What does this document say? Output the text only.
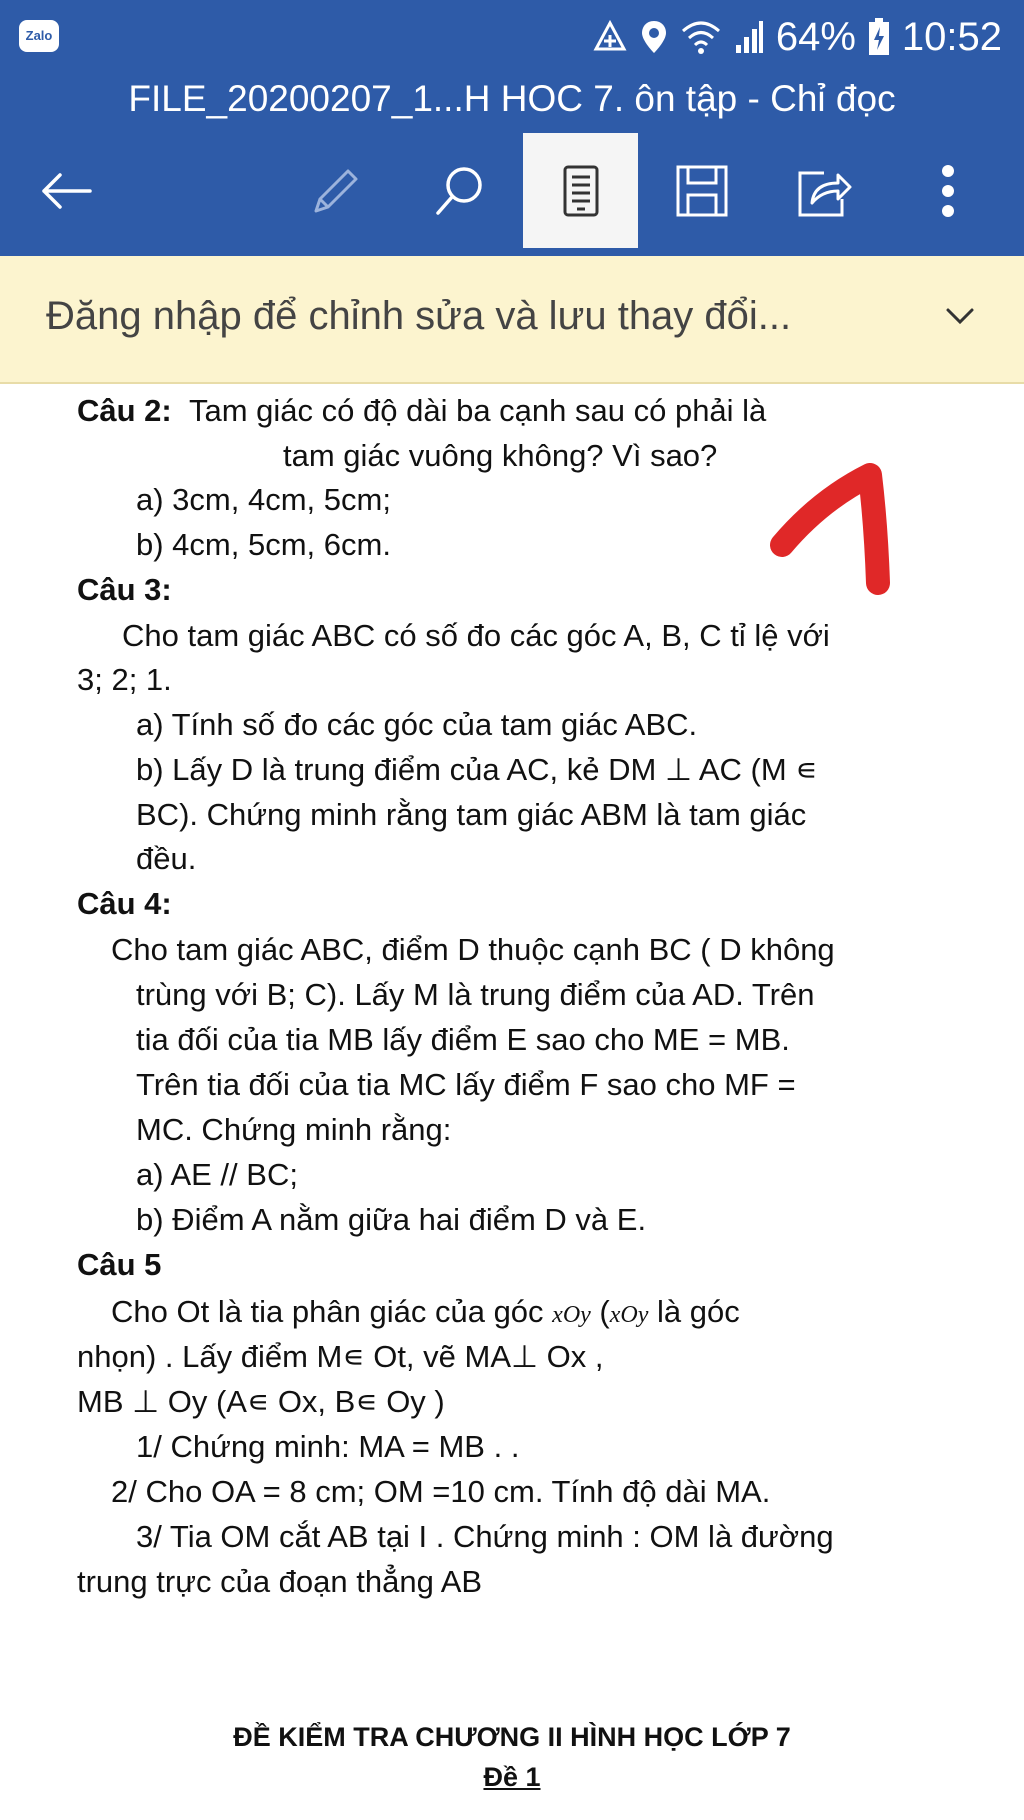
Zalo	64% 10:52
FILE_20200207_1...H HOC 7. ôn tập - Chỉ đọc
Đăng nhập để chỉnh sửa và lưu thay đổi...
Câu 2: Tam giác có độ dài ba cạnh sau có phải là
tam giác vuông không? Vì sao?
a) 3cm, 4cm, 5cm;
b) 4cm, 5cm, 6cm.
Câu 3:
Cho tam giác ABC có số đo các góc A, B, C tỉ lệ với
3; 2; 1.
a) Tính số đo các góc của tam giác ABC.
b) Lấy D là trung điểm của AC, kẻ DM ⊥ AC (M ∊
BC). Chứng minh rằng tam giác ABM là tam giác
đều.
Câu 4:
Cho tam giác ABC, điểm D thuộc cạnh BC ( D không
trùng với B; C). Lấy M là trung điểm của AD. Trên
tia đối của tia MB lấy điểm E sao cho ME = MB.
Trên tia đối của tia MC lấy điểm F sao cho MF =
MC. Chứng minh rằng:
a) AE // BC;
b) Điểm A nằm giữa hai điểm D và E.
Câu 5
Cho Ot là tia phân giác của góc xOy (xOy là góc
nhọn) . Lấy điểm M∊ Ot, vẽ MA⊥ Ox ,
MB ⊥ Oy (A∊ Ox, B∊ Oy )
1/ Chứng minh: MA = MB . .
2/ Cho OA = 8 cm; OM =10 cm. Tính độ dài MA.
3/ Tia OM cắt AB tại I . Chứng minh : OM là đường
trung trực của đoạn thẳng AB
ĐỀ KIỂM TRA CHƯƠNG II HÌNH HỌC LỚP 7
Đề 1
